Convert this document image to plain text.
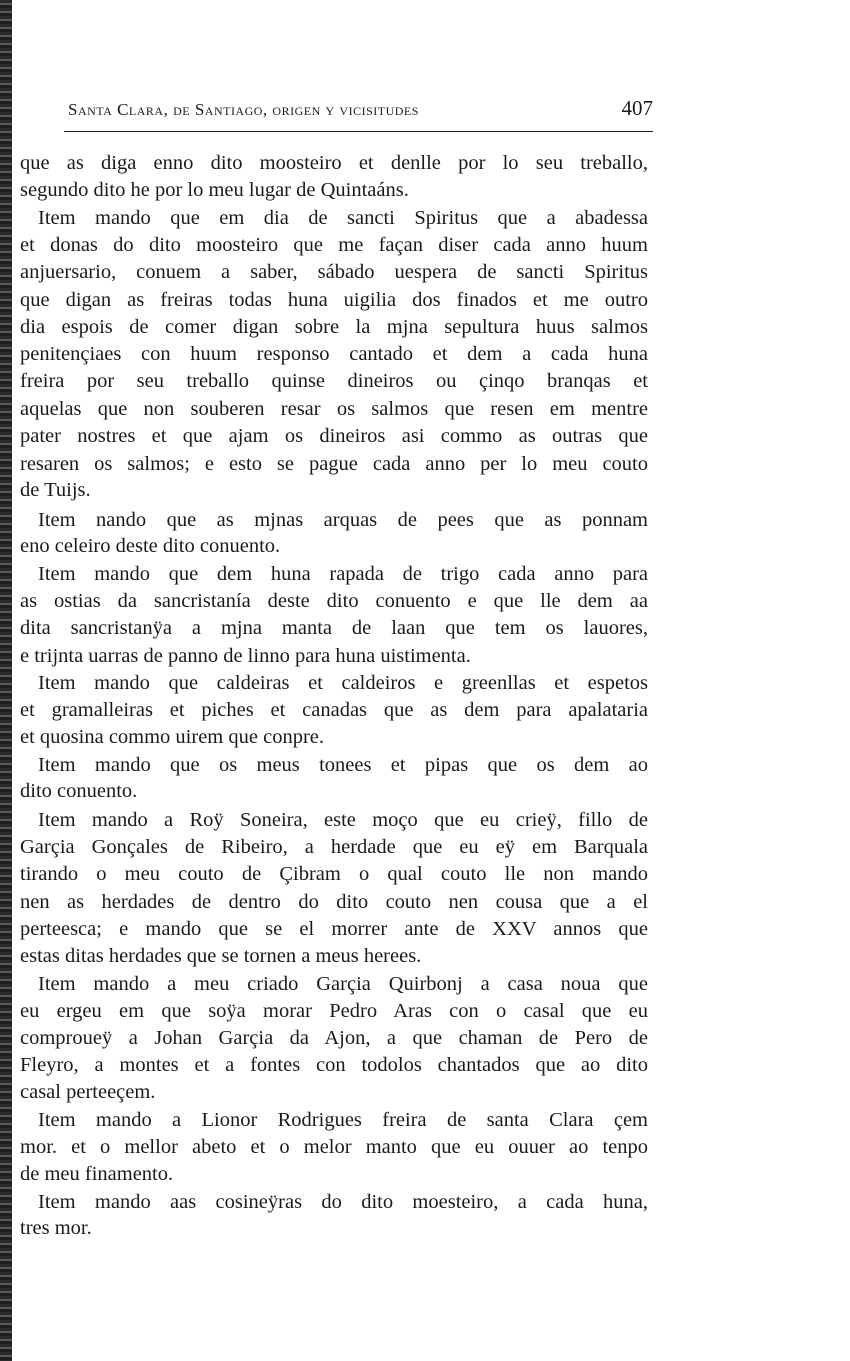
Santa Clara, de Santiago, origen y vicisitudes	407
que as diga enno dito moosteiro et denlle por lo seu treballo,
segundo dito he por lo meu lugar de Quintaáns.
Item mando que em dia de sancti Spiritus que a abadessa
et donas do dito moosteiro que me façan diser cada anno huum
anjuersario, conuem a saber, sábado uespera de sancti Spiritus
que digan as freiras todas huna uigilia dos finados et me outro
dia espois de comer digan sobre la mjna sepultura huus salmos
penitençiaes con huum responso cantado et dem a cada huna
freira por seu treballo quinse dineiros ou çinqo branqas et
aquelas que non souberen resar os salmos que resen em mentre
pater nostres et que ajam os dineiros asi commo as outras que
resaren os salmos; e esto se pague cada anno per lo meu couto
de Tuijs.
Item nando que as mjnas arquas de pees que as ponnam
eno celeiro deste dito conuento.
Item mando que dem huna rapada de trigo cada anno para
as ostias da sancristanía deste dito conuento e que lle dem aa
dita sancristanÿa a mjna manta de laan que tem os lauores,
e trijnta uarras de panno de linno para huna uistimenta.
Item mando que caldeiras et caldeiros e greenllas et espetos
et gramalleiras et piches et canadas que as dem para apalataria
et quosina commo uirem que conpre.
Item mando que os meus tonees et pipas que os dem ao
dito conuento.
Item mando a Roÿ Soneira, este moço que eu crieÿ, fillo de
Garçia Gonçales de Ribeiro, a herdade que eu eÿ em Barquala
tirando o meu couto de Çibram o qual couto lle non mando
nen as herdades de dentro do dito couto nen cousa que a el
perteesca; e mando que se el morrer ante de XXV annos que
estas ditas herdades que se tornen a meus herees.
Item mando a meu criado Garçia Quirbonj a casa noua que
eu ergeu em que soÿa morar Pedro Aras con o casal que eu
comproueÿ a Johan Garçia da Ajon, a que chaman de Pero de
Fleyro, a montes et a fontes con todolos chantados que ao dito
casal perteeçem.
Item mando a Lionor Rodrigues freira de santa Clara çem
mor. et o mellor abeto et o melor manto que eu ouuer ao tenpo
de meu finamento.
Item mando aas cosineÿras do dito moesteiro, a cada huna,
tres mor.
